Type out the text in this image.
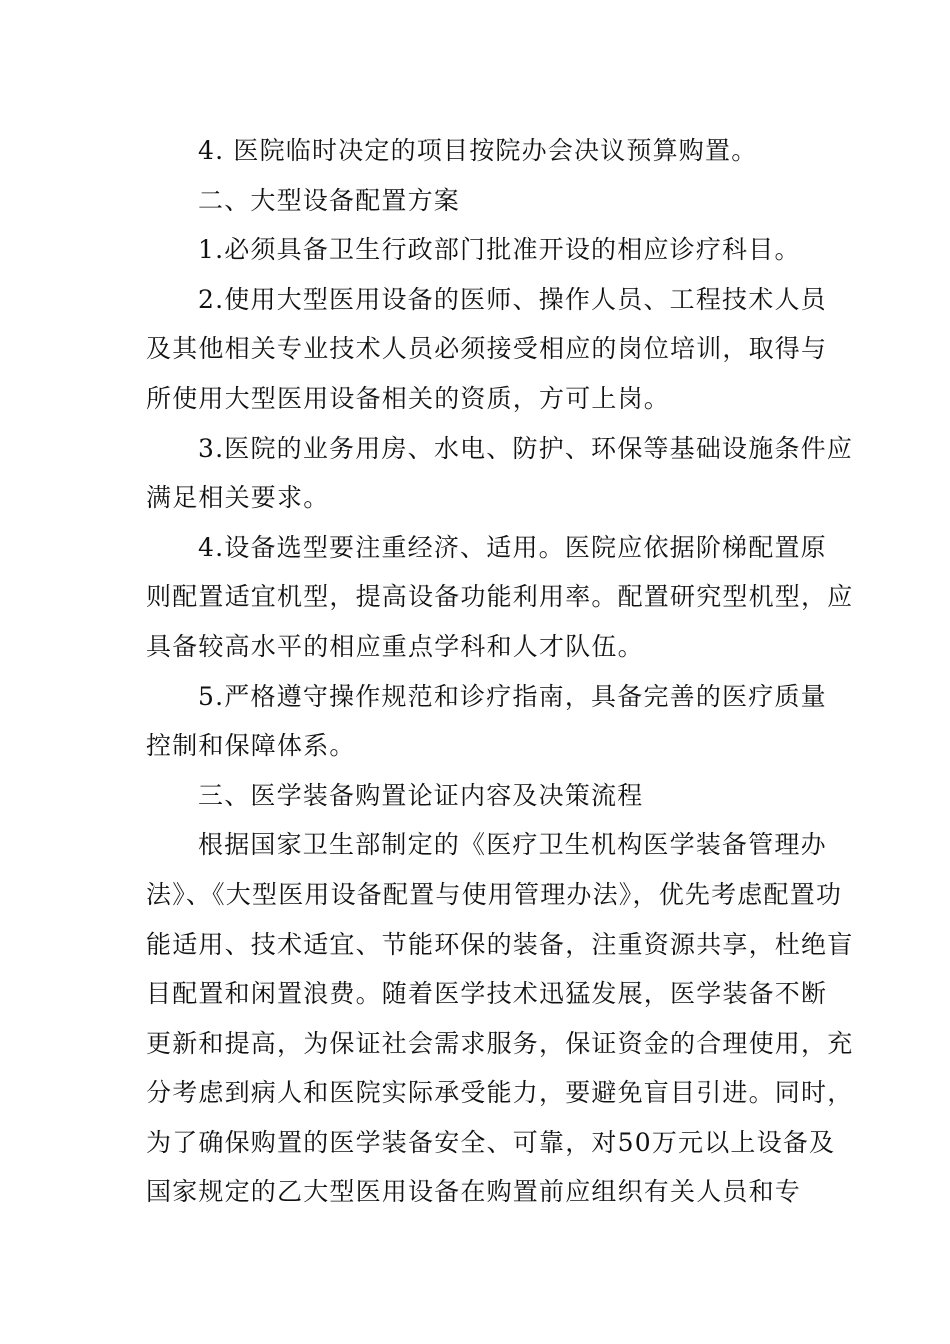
4. 医院临时决定的项目按院办会决议预算购置。
二、大型设备配置方案
1.必须具备卫生行政部门批准开设的相应诊疗科目。
2.使用大型医用设备的医师、操作人员、工程技术人员
及其他相关专业技术人员必须接受相应的岗位培训，取得与
所使用大型医用设备相关的资质，方可上岗。
3.医院的业务用房、水电、防护、环保等基础设施条件应
满足相关要求。
4.设备选型要注重经济、适用。医院应依据阶梯配置原
则配置适宜机型，提高设备功能利用率。配置研究型机型，应
具备较高水平的相应重点学科和人才队伍。
5.严格遵守操作规范和诊疗指南，具备完善的医疗质量
控制和保障体系。
三、医学装备购置论证内容及决策流程
根据国家卫生部制定的《医疗卫生机构医学装备管理办
法》、《大型医用设备配置与使用管理办法》，优先考虑配置功
能适用、技术适宜、节能环保的装备，注重资源共享，杜绝盲
目配置和闲置浪费。随着医学技术迅猛发展，医学装备不断
更新和提高，为保证社会需求服务，保证资金的合理使用，充
分考虑到病人和医院实际承受能力，要避免盲目引进。同时，
为了确保购置的医学装备安全、可靠，对50万元以上设备及
国家规定的乙大型医用设备在购置前应组织有关人员和专
